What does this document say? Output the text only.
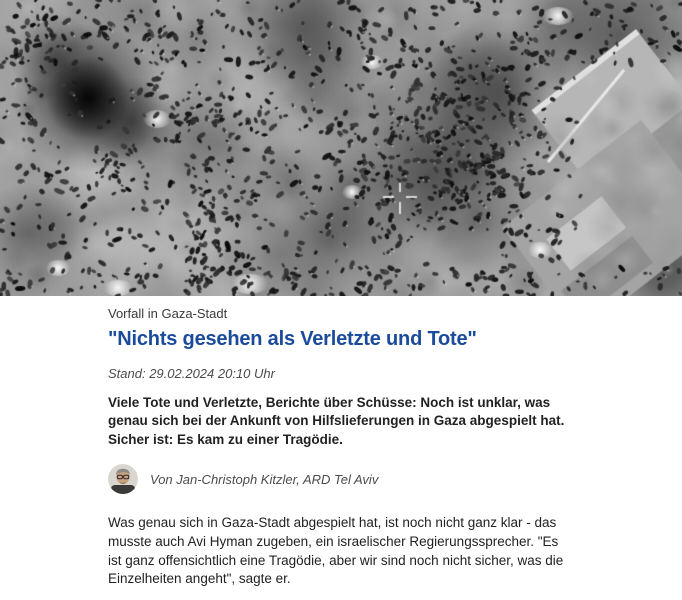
Vorfall in Gaza-Stadt

"Nichts gesehen als Verletzte und Tote"

Stand: 29.02.2024 20:10 Uhr

Viele Tote und Verletzte, Berichte über Schüsse: Noch ist unklar, was genau sich bei der Ankunft von Hilfslieferungen in Gaza abgespielt hat. Sicher ist: Es kam zu einer Tragödie.

Von Jan-Christoph Kitzler, ARD Tel Aviv

Was genau sich in Gaza-Stadt abgespielt hat, ist noch nicht ganz klar - das musste auch Avi Hyman zugeben, ein israelischer Regierungssprecher. "Es ist ganz offensichtlich eine Tragödie, aber wir sind noch nicht sicher, was die Einzelheiten angeht", sagte er.
